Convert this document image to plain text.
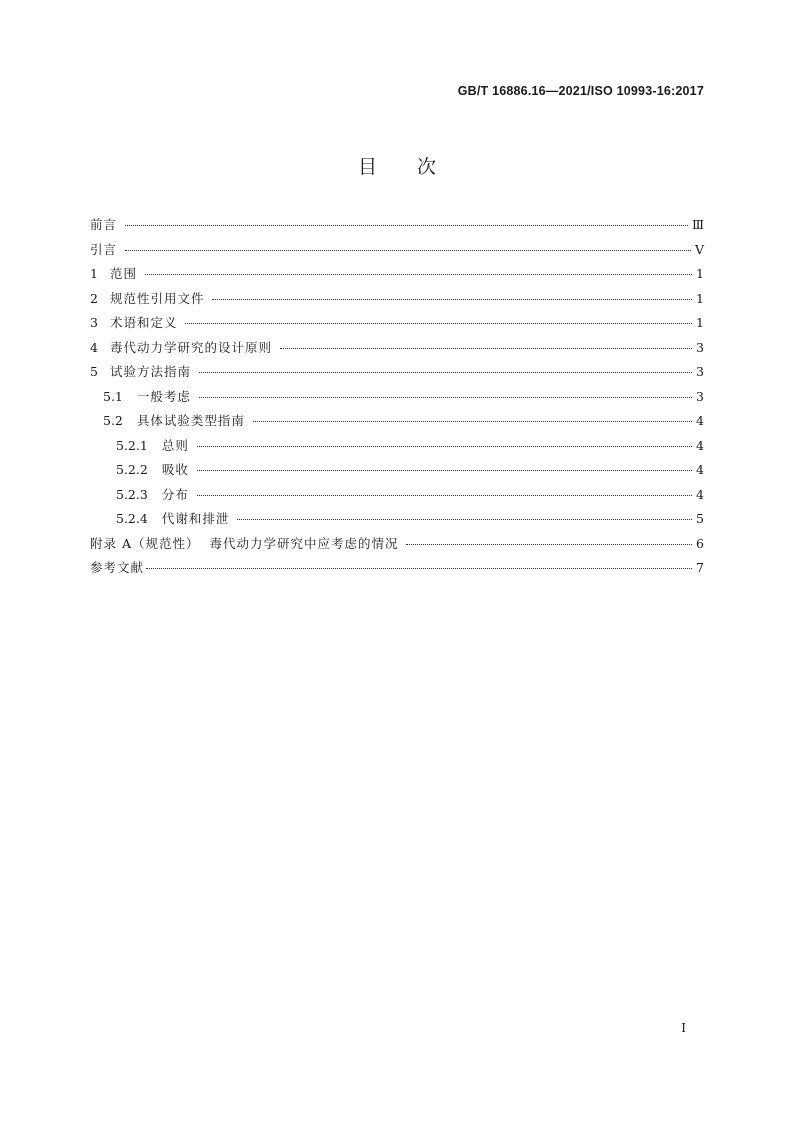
GB/T 16886.16—2021/ISO 10993-16:2017
目次
前言	Ⅲ
引言	V
1 范围	1
2 规范性引用文件	1
3 术语和定义	1
4 毒代动力学研究的设计原则	3
5 试验方法指南	3
5.1 一般考虑	3
5.2 具体试验类型指南	4
5.2.1 总则	4
5.2.2 吸收	4
5.2.3 分布	4
5.2.4 代谢和排泄	5
附录 A（规范性）  毒代动力学研究中应考虑的情况	6
参考文献	7
I
